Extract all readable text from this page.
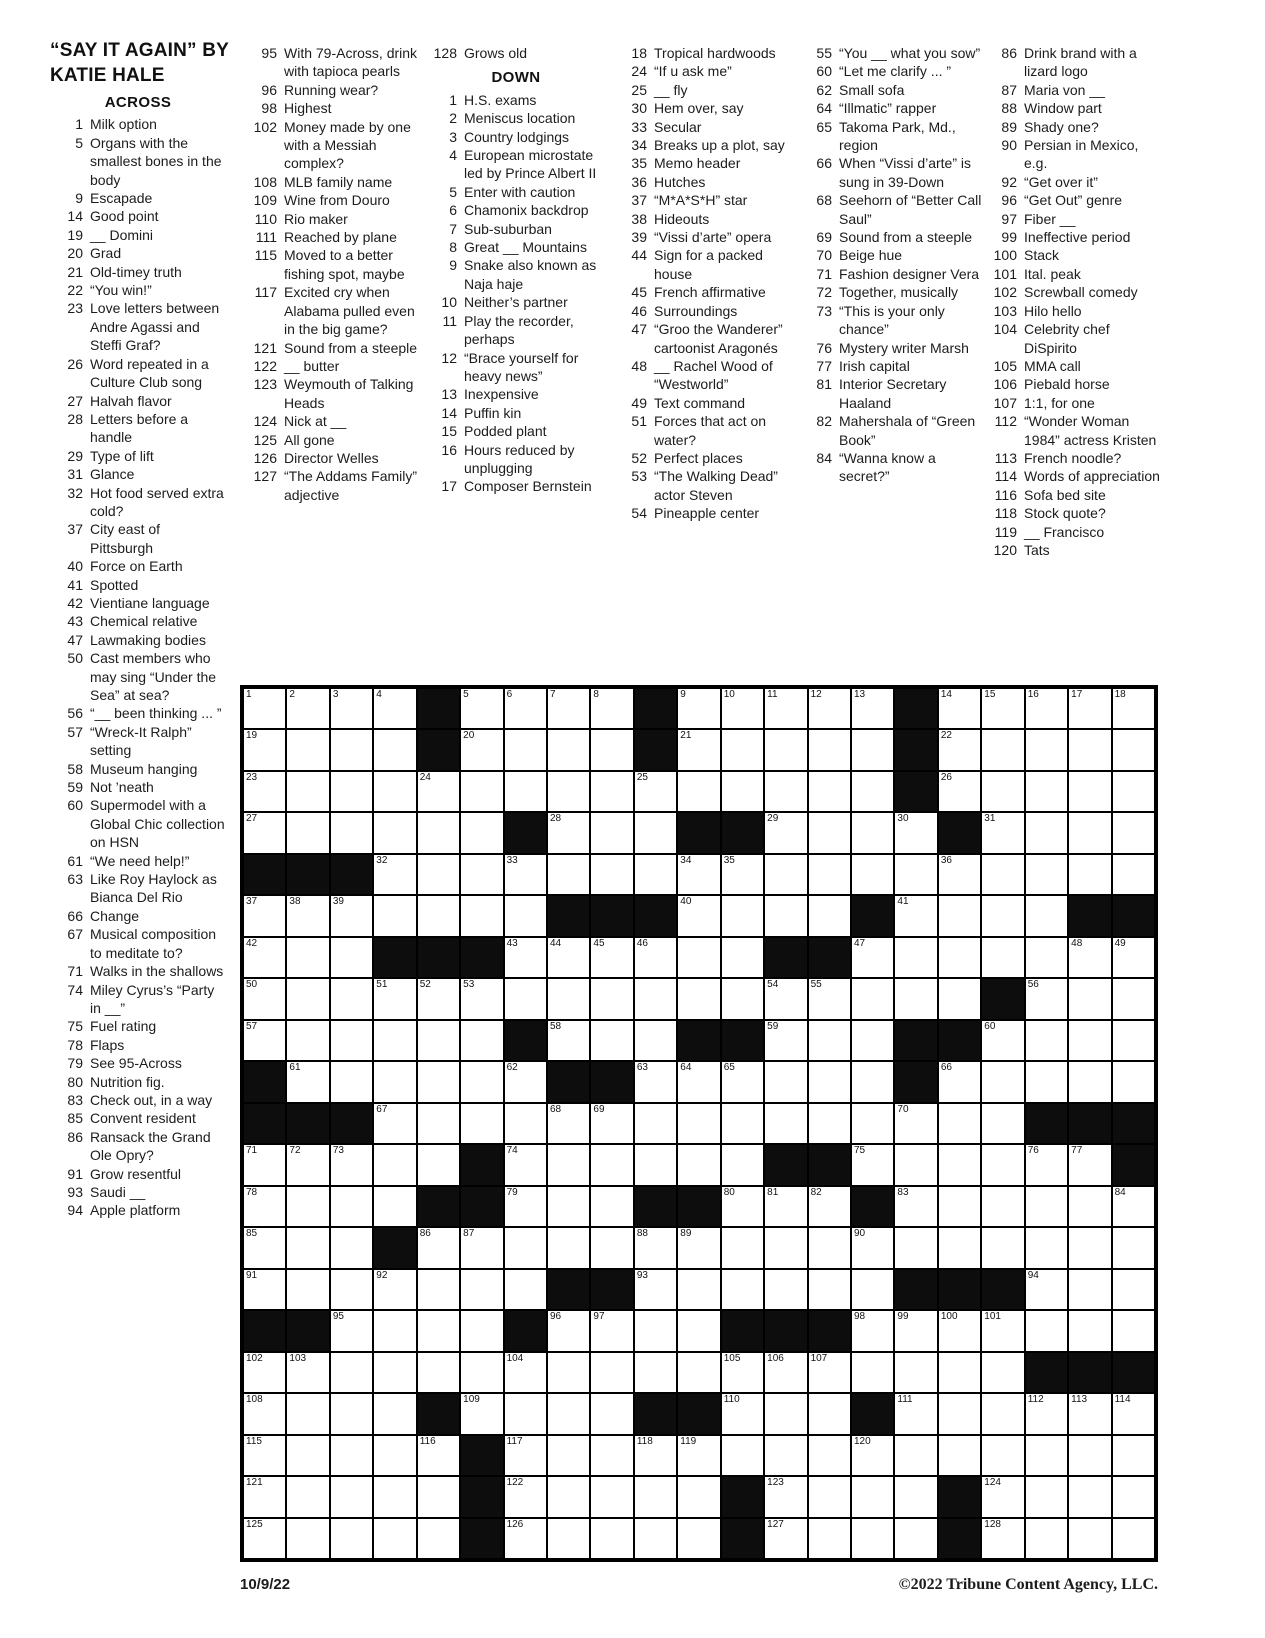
“SAY IT AGAIN” BY
KATIE HALE
ACROSS
1 Milk option
5 Organs with the smallest bones in the body
9 Escapade
14 Good point
19 __ Domini
20 Grad
21 Old-timey truth
22 “You win!”
23 Love letters between Andre Agassi and Steffi Graf?
26 Word repeated in a Culture Club song
27 Halvah flavor
28 Letters before a handle
29 Type of lift
31 Glance
32 Hot food served extra cold?
37 City east of Pittsburgh
40 Force on Earth
41 Spotted
42 Vientiane language
43 Chemical relative
47 Lawmaking bodies
50 Cast members who may sing “Under the Sea” at sea?
56 “__ been thinking ... ”
57 “Wreck-It Ralph” setting
58 Museum hanging
59 Not ’neath
60 Supermodel with a Global Chic collection on HSN
61 “We need help!”
63 Like Roy Haylock as Bianca Del Rio
66 Change
67 Musical composition to meditate to?
71 Walks in the shallows
74 Miley Cyrus’s “Party in __”
75 Fuel rating
78 Flaps
79 See 95-Across
80 Nutrition fig.
83 Check out, in a way
85 Convent resident
86 Ransack the Grand Ole Opry?
91 Grow resentful
93 Saudi __
94 Apple platform
95 With 79-Across, drink with tapioca pearls
96 Running wear?
98 Highest
102 Money made by one with a Messiah complex?
108 MLB family name
109 Wine from Douro
110 Rio maker
111 Reached by plane
115 Moved to a better fishing spot, maybe
117 Excited cry when Alabama pulled even in the big game?
121 Sound from a steeple
122 __ butter
123 Weymouth of Talking Heads
124 Nick at __
125 All gone
126 Director Welles
127 “The Addams Family” adjective
128 Grows old
DOWN
1 H.S. exams
2 Meniscus location
3 Country lodgings
4 European microstate led by Prince Albert II
5 Enter with caution
6 Chamonix backdrop
7 Sub-suburban
8 Great __ Mountains
9 Snake also known as Naja haje
10 Neither’s partner
11 Play the recorder, perhaps
12 “Brace yourself for heavy news”
13 Inexpensive
14 Puffin kin
15 Podded plant
16 Hours reduced by unplugging
17 Composer Bernstein
18 Tropical hardwoods
24 “If u ask me”
25 __ fly
30 Hem over, say
33 Secular
34 Breaks up a plot, say
35 Memo header
36 Hutches
37 “M*A*S*H” star
38 Hideouts
39 “Vissi d’arte” opera
44 Sign for a packed house
45 French affirmative
46 Surroundings
47 “Groo the Wanderer” cartoonist Aragonés
48 __ Rachel Wood of “Westworld”
49 Text command
51 Forces that act on water?
52 Perfect places
53 “The Walking Dead” actor Steven
54 Pineapple center
55 “You __ what you sow”
60 “Let me clarify ... ”
62 Small sofa
64 “Illmatic” rapper
65 Takoma Park, Md., region
66 When “Vissi d’arte” is sung in 39-Down
68 Seehorn of “Better Call Saul”
69 Sound from a steeple
70 Beige hue
71 Fashion designer Vera
72 Together, musically
73 “This is your only chance”
76 Mystery writer Marsh
77 Irish capital
81 Interior Secretary Haaland
82 Mahershala of “Green Book”
84 “Wanna know a secret?”
86 Drink brand with a lizard logo
87 Maria von __
88 Window part
89 Shady one?
90 Persian in Mexico, e.g.
92 “Get over it”
96 “Get Out” genre
97 Fiber __
99 Ineffective period
100 Stack
101 Ital. peak
102 Screwball comedy
103 Hilo hello
104 Celebrity chef DiSpirito
105 MMA call
106 Piebald horse
107 1:1, for one
112 “Wonder Woman 1984” actress Kristen
113 French noodle?
114 Words of appreciation
116 Sofa bed site
118 Stock quote?
119 __ Francisco
120 Tats
1	2	3	4	5	6	7	8	9	10	11	12	13	14	15	16	17	18
19	20	21	22
23	24	25	26
27	28	29	30	31
32	33	34	35	36
37	38	39	40	41
42	43	44	45	46	47	48	49
50	51	52	53	54	55	56
57	58	59	60
61	62	63	64	65	66
67	68	69	70
71	72	73	74	75	76	77
78	79	80	81	82	83	84
85	86	87	88	89	90
91	92	93	94
95	96	97	98	99	100	101
102	103	104	105	106	107
108	109	110	111	112	113	114
115	116	117	118	119	120
121	122	123	124
125	126	127	128
10/9/22	©2022 Tribune Content Agency, LLC.
